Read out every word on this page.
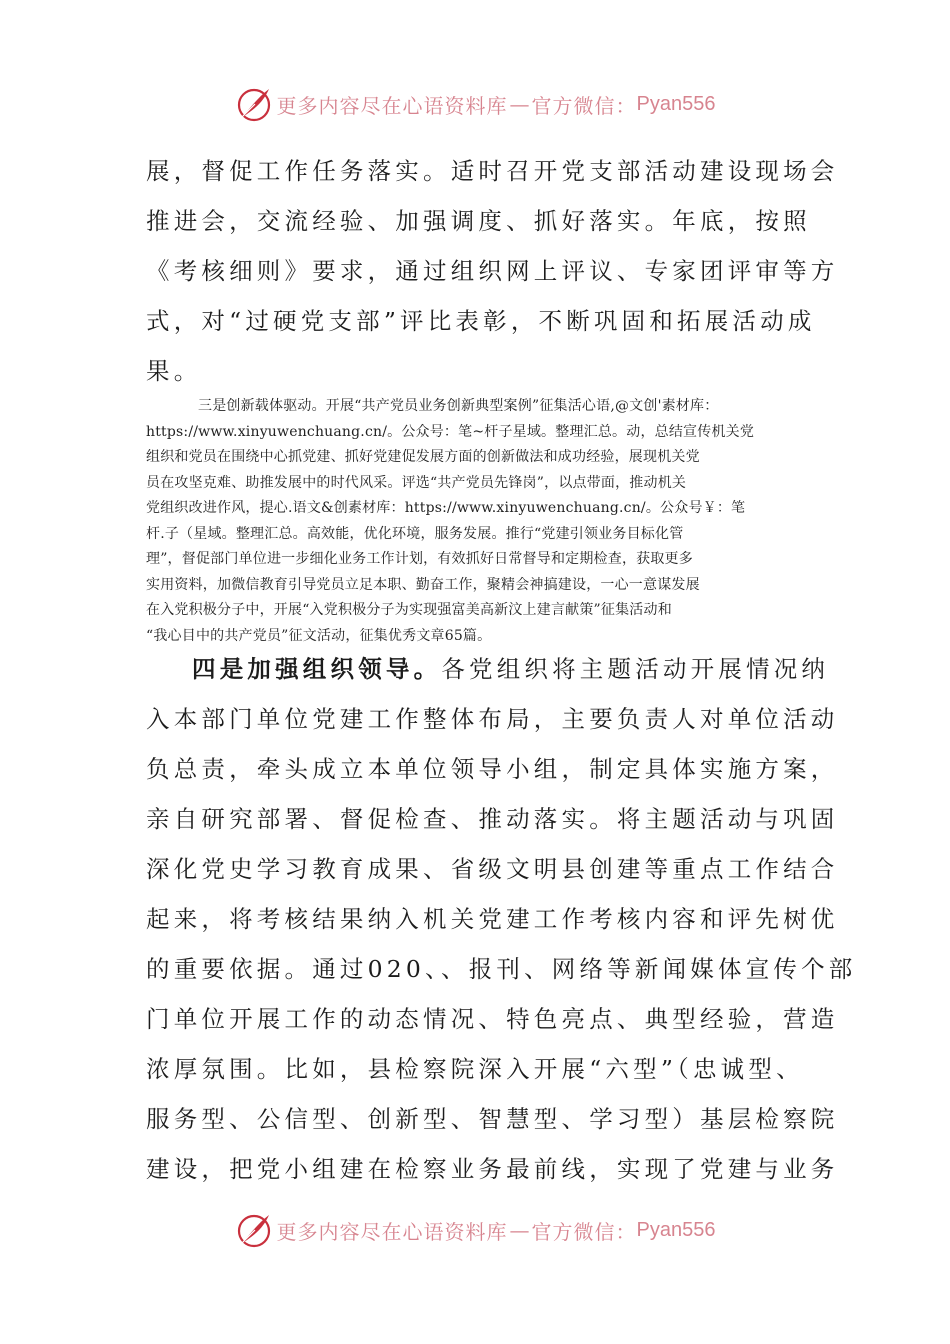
更多内容尽在心语资料库 — 官方微信： Pyan556
展，督促工作任务落实。适时召开党支部活动建设现场会
推进会，交流经验、加强调度、抓好落实。年底，按照
《考核细则》要求，通过组织网上评议、专家团评审等方
式，对“过硬党支部”评比表彰，不断巩固和拓展活动成
果。
三是创新载体驱动。开展“共产党员业务创新典型案例”征集活心语,@文创'素材库：
https://www.xinyuwenchuang.cn/。公众号：笔~杆子星域。整理汇总。动，总结宣传机关党
组织和党员在围绕中心抓党建、抓好党建促发展方面的创新做法和成功经验，展现机关党
员在攻坚克难、助推发展中的时代风采。评选“共产党员先锋岗”，以点带面，推动机关
党组织改进作风，提心.语文&创素材库：https://www.xinyuwenchuang.cn/。公众号￥：笔
杆.子（星域。整理汇总。高效能，优化环境，服务发展。推行“党建引领业务目标化管
理”，督促部门单位进一步细化业务工作计划，有效抓好日常督导和定期检查，获取更多
实用资料，加微信教育引导党员立足本职、勤奋工作，聚精会神搞建设，一心一意谋发展
在入党积极分子中，开展“入党积极分子为实现强富美高新汶上建言献策”征集活动和
“我心目中的共产党员”征文活动，征集优秀文章65篇。
四是加强组织领导。各党组织将主题活动开展情况纳
入本部门单位党建工作整体布局，主要负责人对单位活动
负总责，牵头成立本单位领导小组，制定具体实施方案，
亲自研究部署、督促检查、推动落实。将主题活动与巩固
深化党史学习教育成果、省级文明县创建等重点工作结合
起来，将考核结果纳入机关党建工作考核内容和评先树优
的重要依据。通过020、、报刊、网络等新闻媒体宣传个部
门单位开展工作的动态情况、特色亮点、典型经验，营造
浓厚氛围。比如，县检察院深入开展“六型”（忠诚型、
服务型、公信型、创新型、智慧型、学习型）基层检察院
建设，把党小组建在检察业务最前线，实现了党建与业务
更多内容尽在心语资料库 — 官方微信： Pyan556
